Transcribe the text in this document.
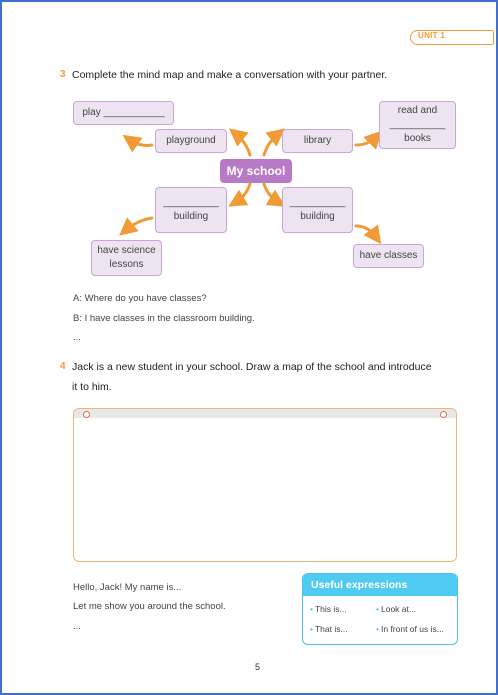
UNIT 1
3 Complete the mind map and make a conversation with your partner.
play ___________
playground	library
read and
__________
books
My school
__________
building
__________
building
have science
lessons
have classes
A: Where do you have classes?
B: I have classes in the classroom building.
...
4 Jack is a new student in your school. Draw a map of the school and introduce
it to him.
Hello, Jack! My name is...
Let me show you around the school.
...
Useful expressions
• This is...	• Look at...
• That is...	• In front of us is...
5
